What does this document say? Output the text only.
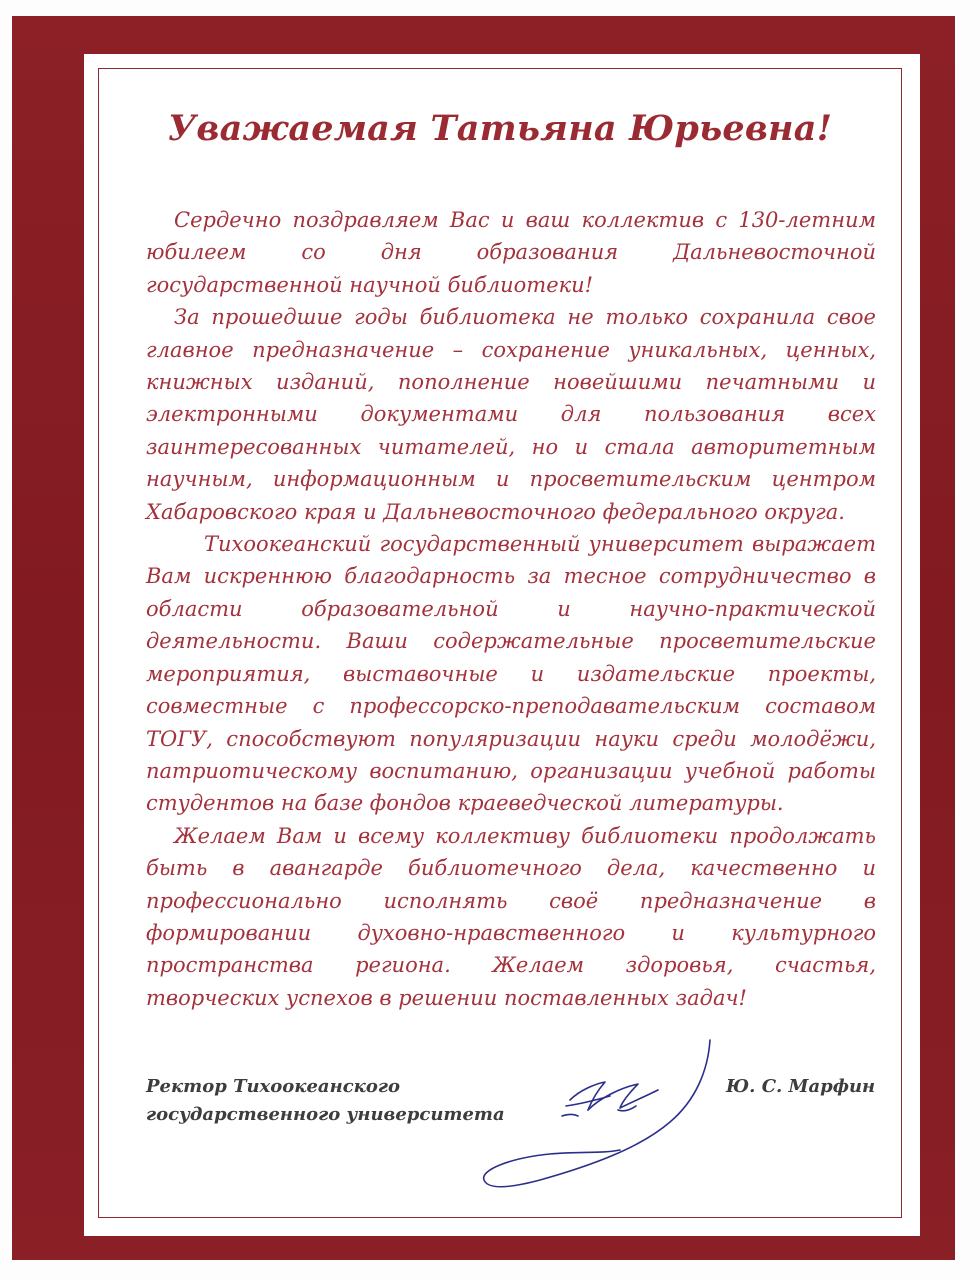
Уважаемая Татьяна Юрьевна!

Сердечно поздравляем Вас и ваш коллектив с 130-летним юбилеем со дня образования Дальневосточной государственной научной библиотеки!

За прошедшие годы библиотека не только сохранила свое главное предназначение – сохранение уникальных, ценных, книжных изданий, пополнение новейшими печатными и электронными документами для пользования всех заинтересованных читателей, но и стала авторитетным научным, информационным и просветительским центром Хабаровского края и Дальневосточного федерального округа.

Тихоокеанский государственный университет выражает Вам искреннюю благодарность за тесное сотрудничество в области образовательной и научно-практической деятельности. Ваши содержательные просветительские мероприятия, выставочные и издательские проекты, совместные с профессорско-преподавательским составом ТОГУ, способствуют популяризации науки среди молодёжи, патриотическому воспитанию, организации учебной работы студентов на базе фондов краеведческой литературы.

Желаем Вам и всему коллективу библиотеки продолжать быть в авангарде библиотечного дела, качественно и профессионально исполнять своё предназначение в формировании духовно-нравственного и культурного пространства региона. Желаем здоровья, счастья, творческих успехов в решении поставленных задач!

Ректор Тихоокеанского
государственного университета
Ю. С. Марфин
